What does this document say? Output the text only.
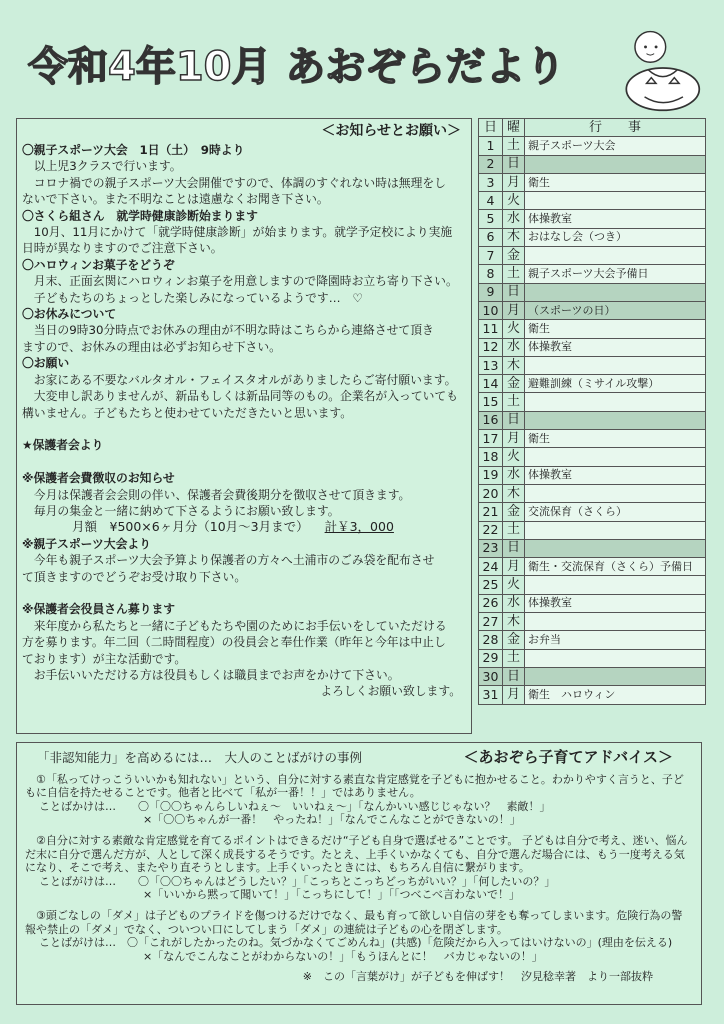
令和4年10月 あおぞらだより
＜お知らせとお願い＞
〇親子スポーツ大会　1日（土）　9時より
　以上児3クラスで行います。
　コロナ禍での親子スポーツ大会開催ですので、体調のすぐれない時は無理をし
ないで下さい。また不明なことは遠慮なくお聞き下さい。
〇さくら組さん　就学時健康診断始まります
　10月、11月にかけて「就学時健康診断」が始まります。就学予定校により実施
日時が異なりますのでご注意下さい。
〇ハロウィンお菓子をどうぞ
　月末、正面玄関にハロウィンお菓子を用意しますので降園時お立ち寄り下さい。
　子どもたちのちょっとした楽しみになっているようです…　♡
〇お休みについて
　当日の9時30分時点でお休みの理由が不明な時はこちらから連絡させて頂き
ますので、お休みの理由は必ずお知らせ下さい。
〇お願い
　お家にある不要なバルタオル・フェイスタオルがありましたらご寄付願います。
　大変申し訳ありませんが、新品もしくは新品同等のもの。企業名が入っていても
構いません。子どもたちと使わせていただきたいと思います。
★保護者会より
※保護者会費徴収のお知らせ
　今月は保護者会会則の伴い、保護者会費後期分を徴収させて頂きます。
　毎月の集金と一緒に納めて下さるようにお願い致します。
月額　¥500×6ヶ月分（10月～3月まで） 計￥3，000
※親子スポーツ大会より
　今年も親子スポーツ大会予算より保護者の方々へ土浦市のごみ袋を配布させ
て頂きますのでどうぞお受け取り下さい。
※保護者会役員さん募ります
　来年度から私たちと一緒に子どもたちや園のためにお手伝いをしていただける
方を募ります。年二回（二時間程度）の役員会と奉仕作業（昨年と今年は中止し
ております）が主な活動です。
　お手伝いいただける方は役員もしくは職員までお声をかけて下さい。
よろしくお願い致します。
日	曜	行　　事
1	土	親子スポーツ大会
2	日	
3	月	衛生
4	火	
5	水	体操教室
6	木	おはなし会（つき）
7	金	
8	土	親子スポーツ大会予備日
9	日	
10	月	（スポーツの日）
11	火	衛生
12	水	体操教室
13	木	
14	金	避難訓練（ミサイル攻撃）
15	土	
16	日	
17	月	衛生
18	火	
19	水	体操教室
20	木	
21	金	交流保育（さくら）
22	土	
23	日	
24	月	衛生・交流保育（さくら）予備日
25	火	
26	水	体操教室
27	木	
28	金	お弁当
29	土	
30	日	
31	月	衛生　ハロウィン
「非認知能力」を高めるには…　大人のことばがけの事例	＜あおぞら子育てアドバイス＞
　①「私ってけっこういいかも知れない」という、自分に対する素直な肯定感覚を子どもに抱かせること。わかりやすく言うと、子どもに自信を持たせることです。他者と比べて「私が一番！！」ではありません。
ことばかけは…　　〇「〇〇ちゃんらしいねぇ～　いいねぇ～」「なんかいい感じじゃない？　素敵！」
×「〇〇ちゃんが一番！　やったね！」「なんでこんなことができないの！」
　②自分に対する素敵な肯定感覚を育てるポイントはできるだけ“子ども自身で選ばせる”ことです。 子どもは自分で考え、迷い、悩んだ末に自分で選んだ方が、人として深く成長するそうです。たとえ、上手くいかなくても、自分で選んだ場合には、もう一度考える気になり、そこで考え、またやり直そうとします。上手くいったときには、もちろん自信に繋がります。
ことばがけは…　　〇「〇〇ちゃんはどうしたい？」「こっちとこっちどっちがいい？」「何したいの？」
×「いいから黙って聞いて！」「こっちにして！」「「つべこべ言わないで！」
　③頭ごなしの「ダメ」は子どものプライドを傷つけるだけでなく、最も育って欲しい自信の芽をも奪ってしまいます。危険行為の警報や禁止の「ダメ」でなく、ついつい口にしてしまう「ダメ」の連続は子どもの心を閉ざします。
ことばがけは…　〇「これがしたかったのね。気づかなくてごめんね」(共感)「危険だから入ってはいけないの」(理由を伝える)
×「なんでこんなことがわからないの！」「もうほんとに！　バカじゃないの！」
※　この「言葉がけ」が子どもを伸ばす！　汐見稔幸著　より一部抜粋
